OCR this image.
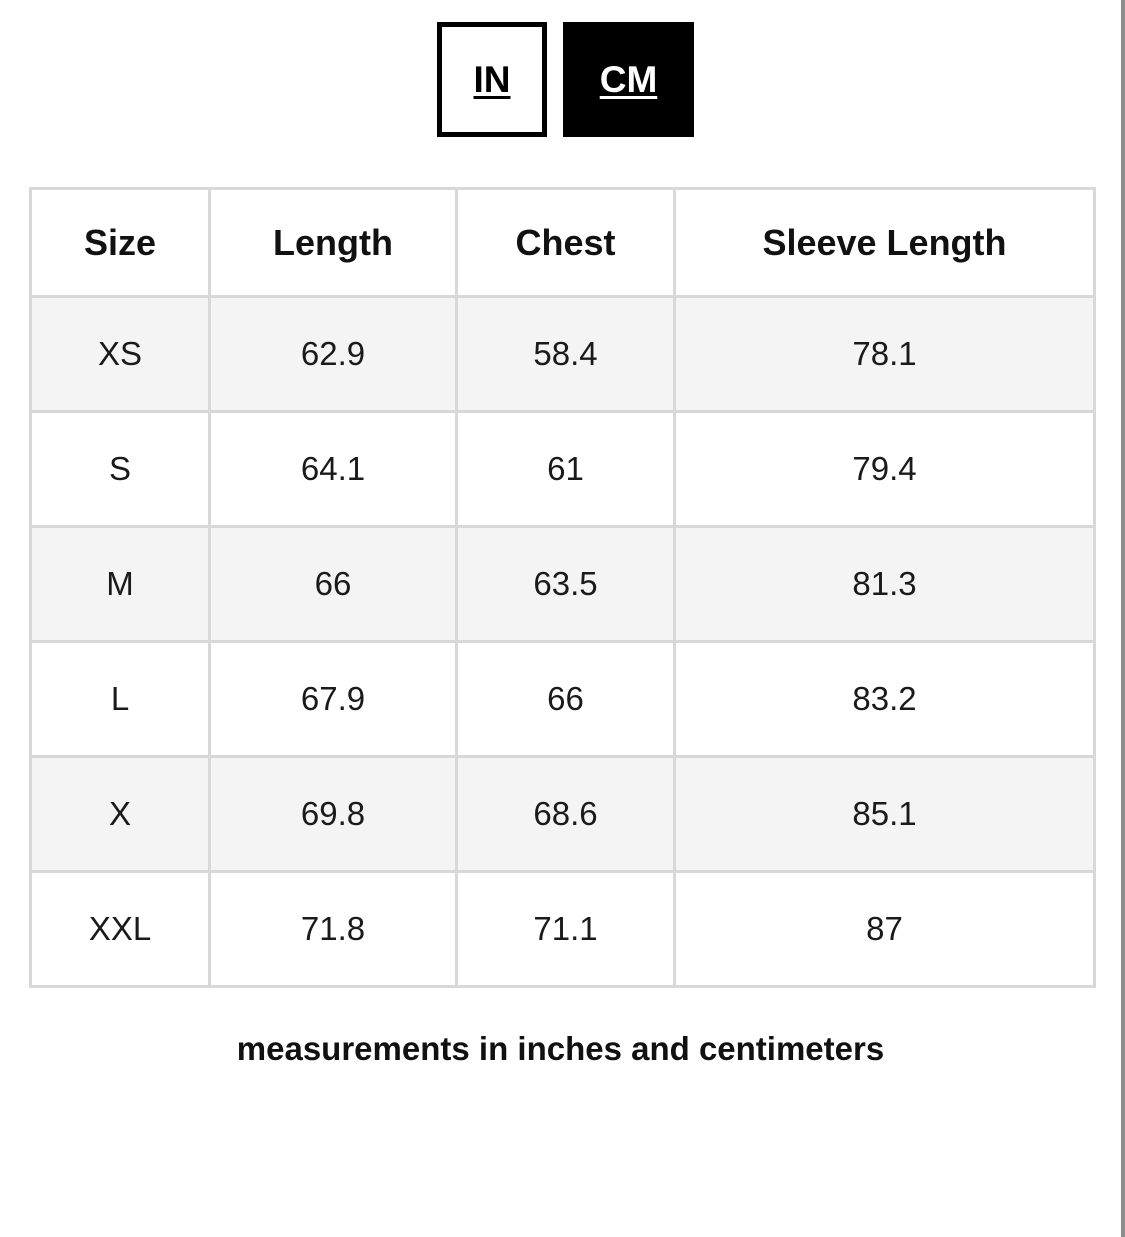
IN	CM
Size	Length	Chest	Sleeve Length
XS	62.9	58.4	78.1
S	64.1	61	79.4
M	66	63.5	81.3
L	67.9	66	83.2
X	69.8	68.6	85.1
XXL	71.8	71.1	87
measurements in inches and centimeters
